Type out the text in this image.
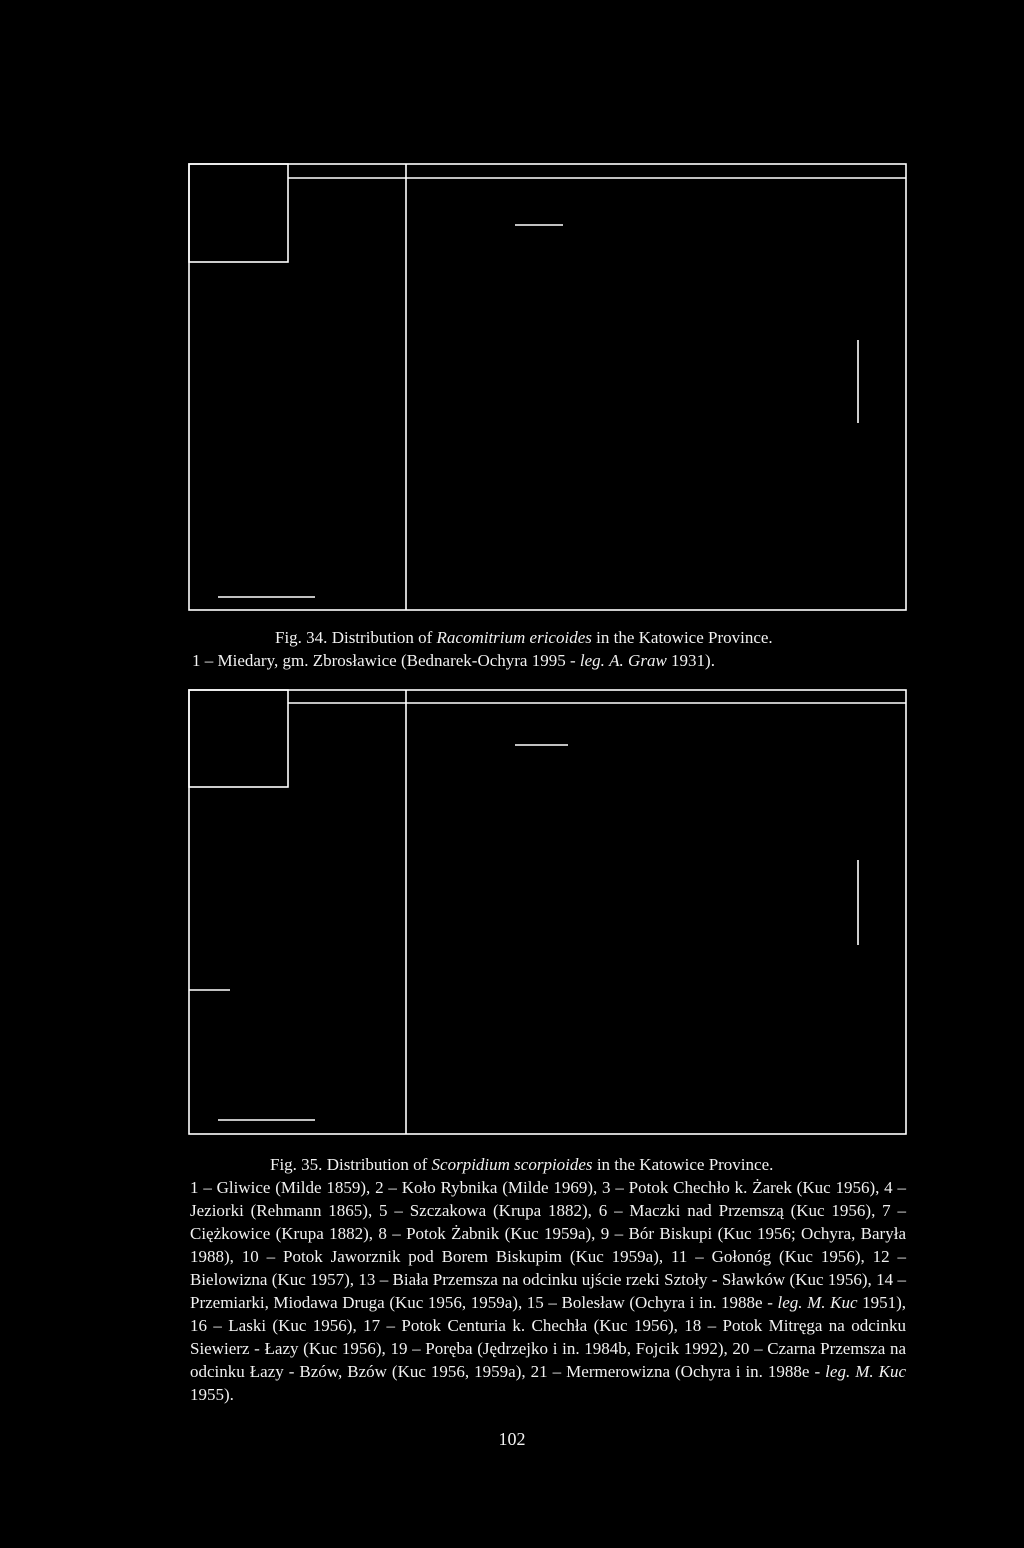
Fig. 34. Distribution of Racomitrium ericoides in the Katowice Province.
1 – Miedary, gm. Zbrosławice (Bednarek-Ochyra 1995 - leg. A. Graw 1931).
Fig. 35. Distribution of Scorpidium scorpioides in the Katowice Province.
1 – Gliwice (Milde 1859), 2 – Koło Rybnika (Milde 1969), 3 – Potok Chechło k. Żarek (Kuc 1956), 4 – Jeziorki (Rehmann 1865), 5 – Szczakowa (Krupa 1882), 6 – Maczki nad Przemszą (Kuc 1956), 7 – Ciężkowice (Krupa 1882), 8 – Potok Żabnik (Kuc 1959a), 9 – Bór Biskupi (Kuc 1956; Ochyra, Baryła 1988), 10 – Potok Jaworznik pod Borem Biskupim (Kuc 1959a), 11 – Gołonóg (Kuc 1956), 12 – Bielowizna (Kuc 1957), 13 – Biała Przemsza na odcinku ujście rzeki Sztoły - Sławków (Kuc 1956), 14 – Przemiarki, Miodawa Druga (Kuc 1956, 1959a), 15 – Bolesław (Ochyra i in. 1988e - leg. M. Kuc 1951), 16 – Laski (Kuc 1956), 17 – Potok Centuria k. Chechła (Kuc 1956), 18 – Potok Mitręga na odcinku Siewierz - Łazy (Kuc 1956), 19 – Poręba (Jędrzejko i in. 1984b, Fojcik 1992), 20 – Czarna Przemsza na odcinku Łazy - Bzów, Bzów (Kuc 1956, 1959a), 21 – Mermerowizna (Ochyra i in. 1988e - leg. M. Kuc 1955).
102
